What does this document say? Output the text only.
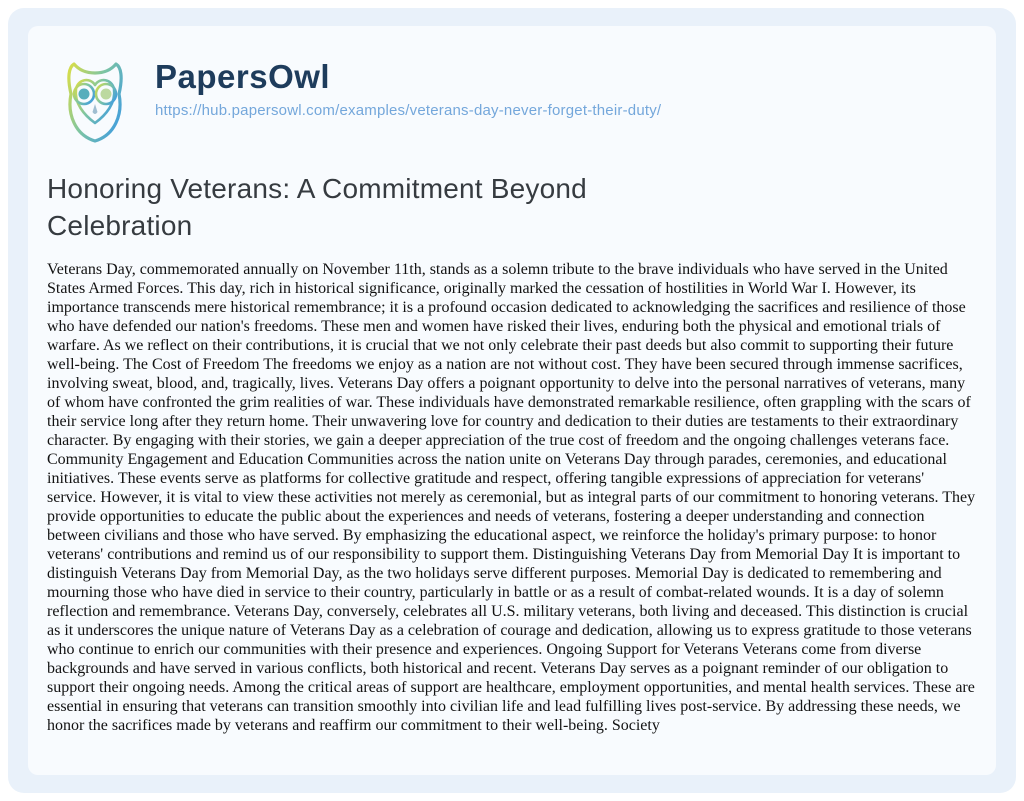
PapersOwl
https://hub.papersowl.com/examples/veterans-day-never-forget-their-duty/
Honoring Veterans: A Commitment Beyond Celebration

Veterans Day, commemorated annually on November 11th, stands as a solemn tribute to the brave individuals who have served in the United States Armed Forces. This day, rich in historical significance, originally marked the cessation of hostilities in World War I. However, its importance transcends mere historical remembrance; it is a profound occasion dedicated to acknowledging the sacrifices and resilience of those who have defended our nation's freedoms. These men and women have risked their lives, enduring both the physical and emotional trials of warfare. As we reflect on their contributions, it is crucial that we not only celebrate their past deeds but also commit to supporting their future well-being. The Cost of Freedom The freedoms we enjoy as a nation are not without cost. They have been secured through immense sacrifices, involving sweat, blood, and, tragically, lives. Veterans Day offers a poignant opportunity to delve into the personal narratives of veterans, many of whom have confronted the grim realities of war. These individuals have demonstrated remarkable resilience, often grappling with the scars of their service long after they return home. Their unwavering love for country and dedication to their duties are testaments to their extraordinary character. By engaging with their stories, we gain a deeper appreciation of the true cost of freedom and the ongoing challenges veterans face. Community Engagement and Education Communities across the nation unite on Veterans Day through parades, ceremonies, and educational initiatives. These events serve as platforms for collective gratitude and respect, offering tangible expressions of appreciation for veterans' service. However, it is vital to view these activities not merely as ceremonial, but as integral parts of our commitment to honoring veterans. They provide opportunities to educate the public about the experiences and needs of veterans, fostering a deeper understanding and connection between civilians and those who have served. By emphasizing the educational aspect, we reinforce the holiday's primary purpose: to honor veterans' contributions and remind us of our responsibility to support them. Distinguishing Veterans Day from Memorial Day It is important to distinguish Veterans Day from Memorial Day, as the two holidays serve different purposes. Memorial Day is dedicated to remembering and mourning those who have died in service to their country, particularly in battle or as a result of combat-related wounds. It is a day of solemn reflection and remembrance. Veterans Day, conversely, celebrates all U.S. military veterans, both living and deceased. This distinction is crucial as it underscores the unique nature of Veterans Day as a celebration of courage and dedication, allowing us to express gratitude to those veterans who continue to enrich our communities with their presence and experiences. Ongoing Support for Veterans Veterans come from diverse backgrounds and have served in various conflicts, both historical and recent. Veterans Day serves as a poignant reminder of our obligation to support their ongoing needs. Among the critical areas of support are healthcare, employment opportunities, and mental health services. These are essential in ensuring that veterans can transition smoothly into civilian life and lead fulfilling lives post-service. By addressing these needs, we honor the sacrifices made by veterans and reaffirm our commitment to their well-being. Society
